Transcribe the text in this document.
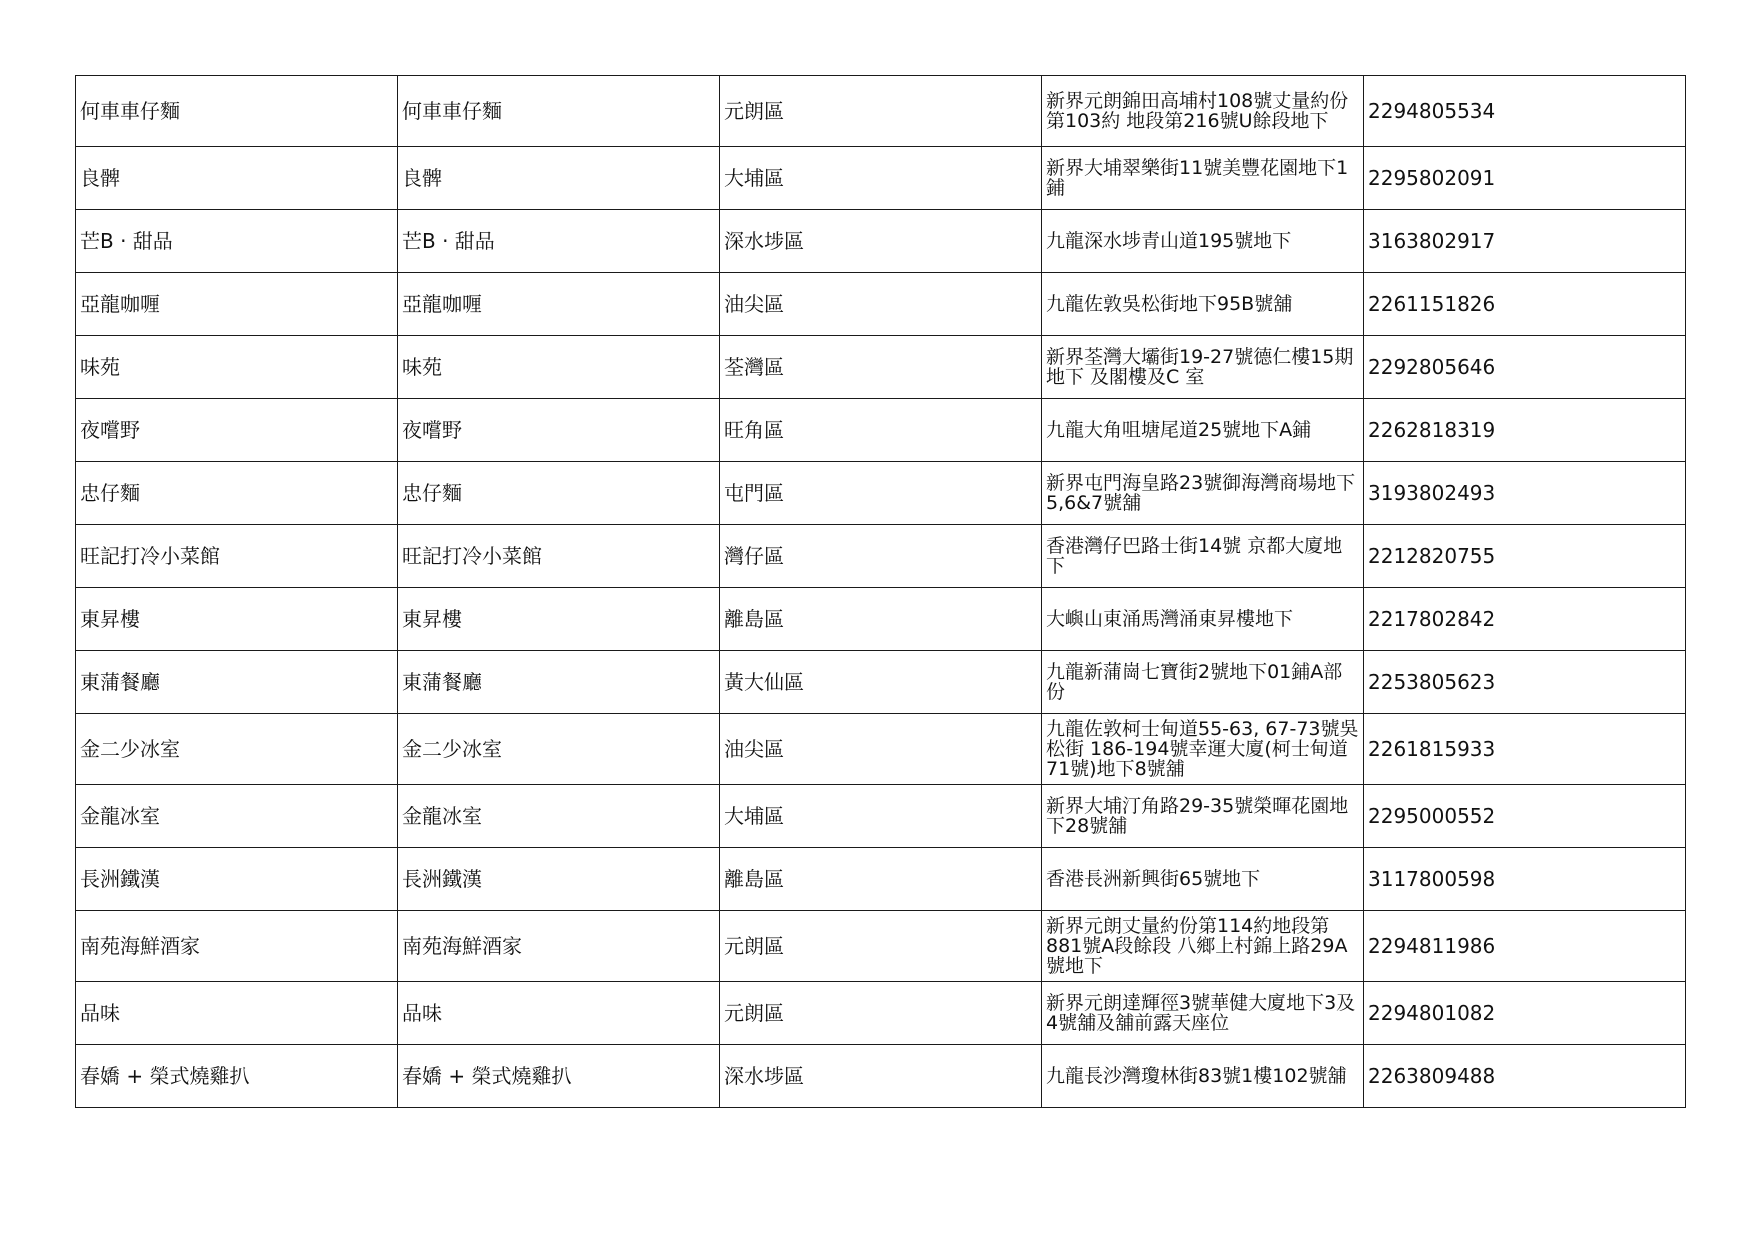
何車車仔麵	何車車仔麵	元朗區	新界元朗錦田高埔村108號丈量約份第103約 地段第216號U餘段地下	2294805534
良髀	良髀	大埔區	新界大埔翠樂街11號美豐花園地下1鋪	2295802091
芒B · 甜品	芒B · 甜品	深水埗區	九龍深水埗青山道195號地下	3163802917
亞龍咖喱	亞龍咖喱	油尖區	九龍佐敦吳松街地下95B號舖	2261151826
味苑	味苑	荃灣區	新界荃灣大壩街19-27號德仁樓15期地下 及閣樓及C 室	2292805646
夜嚐野	夜嚐野	旺角區	九龍大角咀塘尾道25號地下A鋪	2262818319
忠仔麵	忠仔麵	屯門區	新界屯門海皇路23號御海灣商場地下5,6&7號舖	3193802493
旺記打冷小菜館	旺記打冷小菜館	灣仔區	香港灣仔巴路士街14號 京都大廈地下	2212820755
東昇樓	東昇樓	離島區	大嶼山東涌馬灣涌東昇樓地下	2217802842
東蒲餐廳	東蒲餐廳	黃大仙區	九龍新蒲崗七寶街2號地下01鋪A部份	2253805623
金二少冰室	金二少冰室	油尖區	九龍佐敦柯士甸道55-63, 67-73號吳松街 186-194號幸運大廈(柯士甸道71號)地下8號舖	2261815933
金龍冰室	金龍冰室	大埔區	新界大埔汀角路29-35號榮暉花園地下28號舖	2295000552
長洲鐵漢	長洲鐵漢	離島區	香港長洲新興街65號地下	3117800598
南苑海鮮酒家	南苑海鮮酒家	元朗區	新界元朗丈量約份第114約地段第881號A段餘段 八鄉上村錦上路29A號地下	2294811986
品味	品味	元朗區	新界元朗達輝徑3號華健大廈地下3及4號舖及舖前露天座位	2294801082
春嬌 + 榮式燒雞扒	春嬌 + 榮式燒雞扒	深水埗區	九龍長沙灣瓊林街83號1樓102號舖	2263809488
